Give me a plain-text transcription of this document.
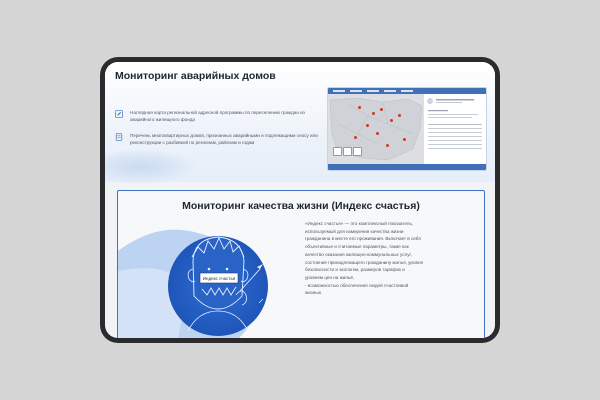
Мониторинг аварийных домов
Наглядная карта региональной адресной программы по переселению граждан из аварийного жилищного фонда
Перечень многоквартирных домов, признанных аварийными и подлежащими сносу или реконструкции с разбивкой по регионам, районам и годам
Индекс счастья
Мониторинг качества жизни (Индекс счастья)

«Индекс счастья» — это комплексный показатель, используемый для измерения качества жизни гражданина в месте его проживания. Включает в себя объективные и считаемые параметры, такие как качество оказания жилищно-коммунальных услуг, состояние принадлежащего гражданину жилья, уровня безопасности и экологии, размеров тарифов и уровнем цен на жильё,

- возможностью обеспечения людей счастливой жизнью
